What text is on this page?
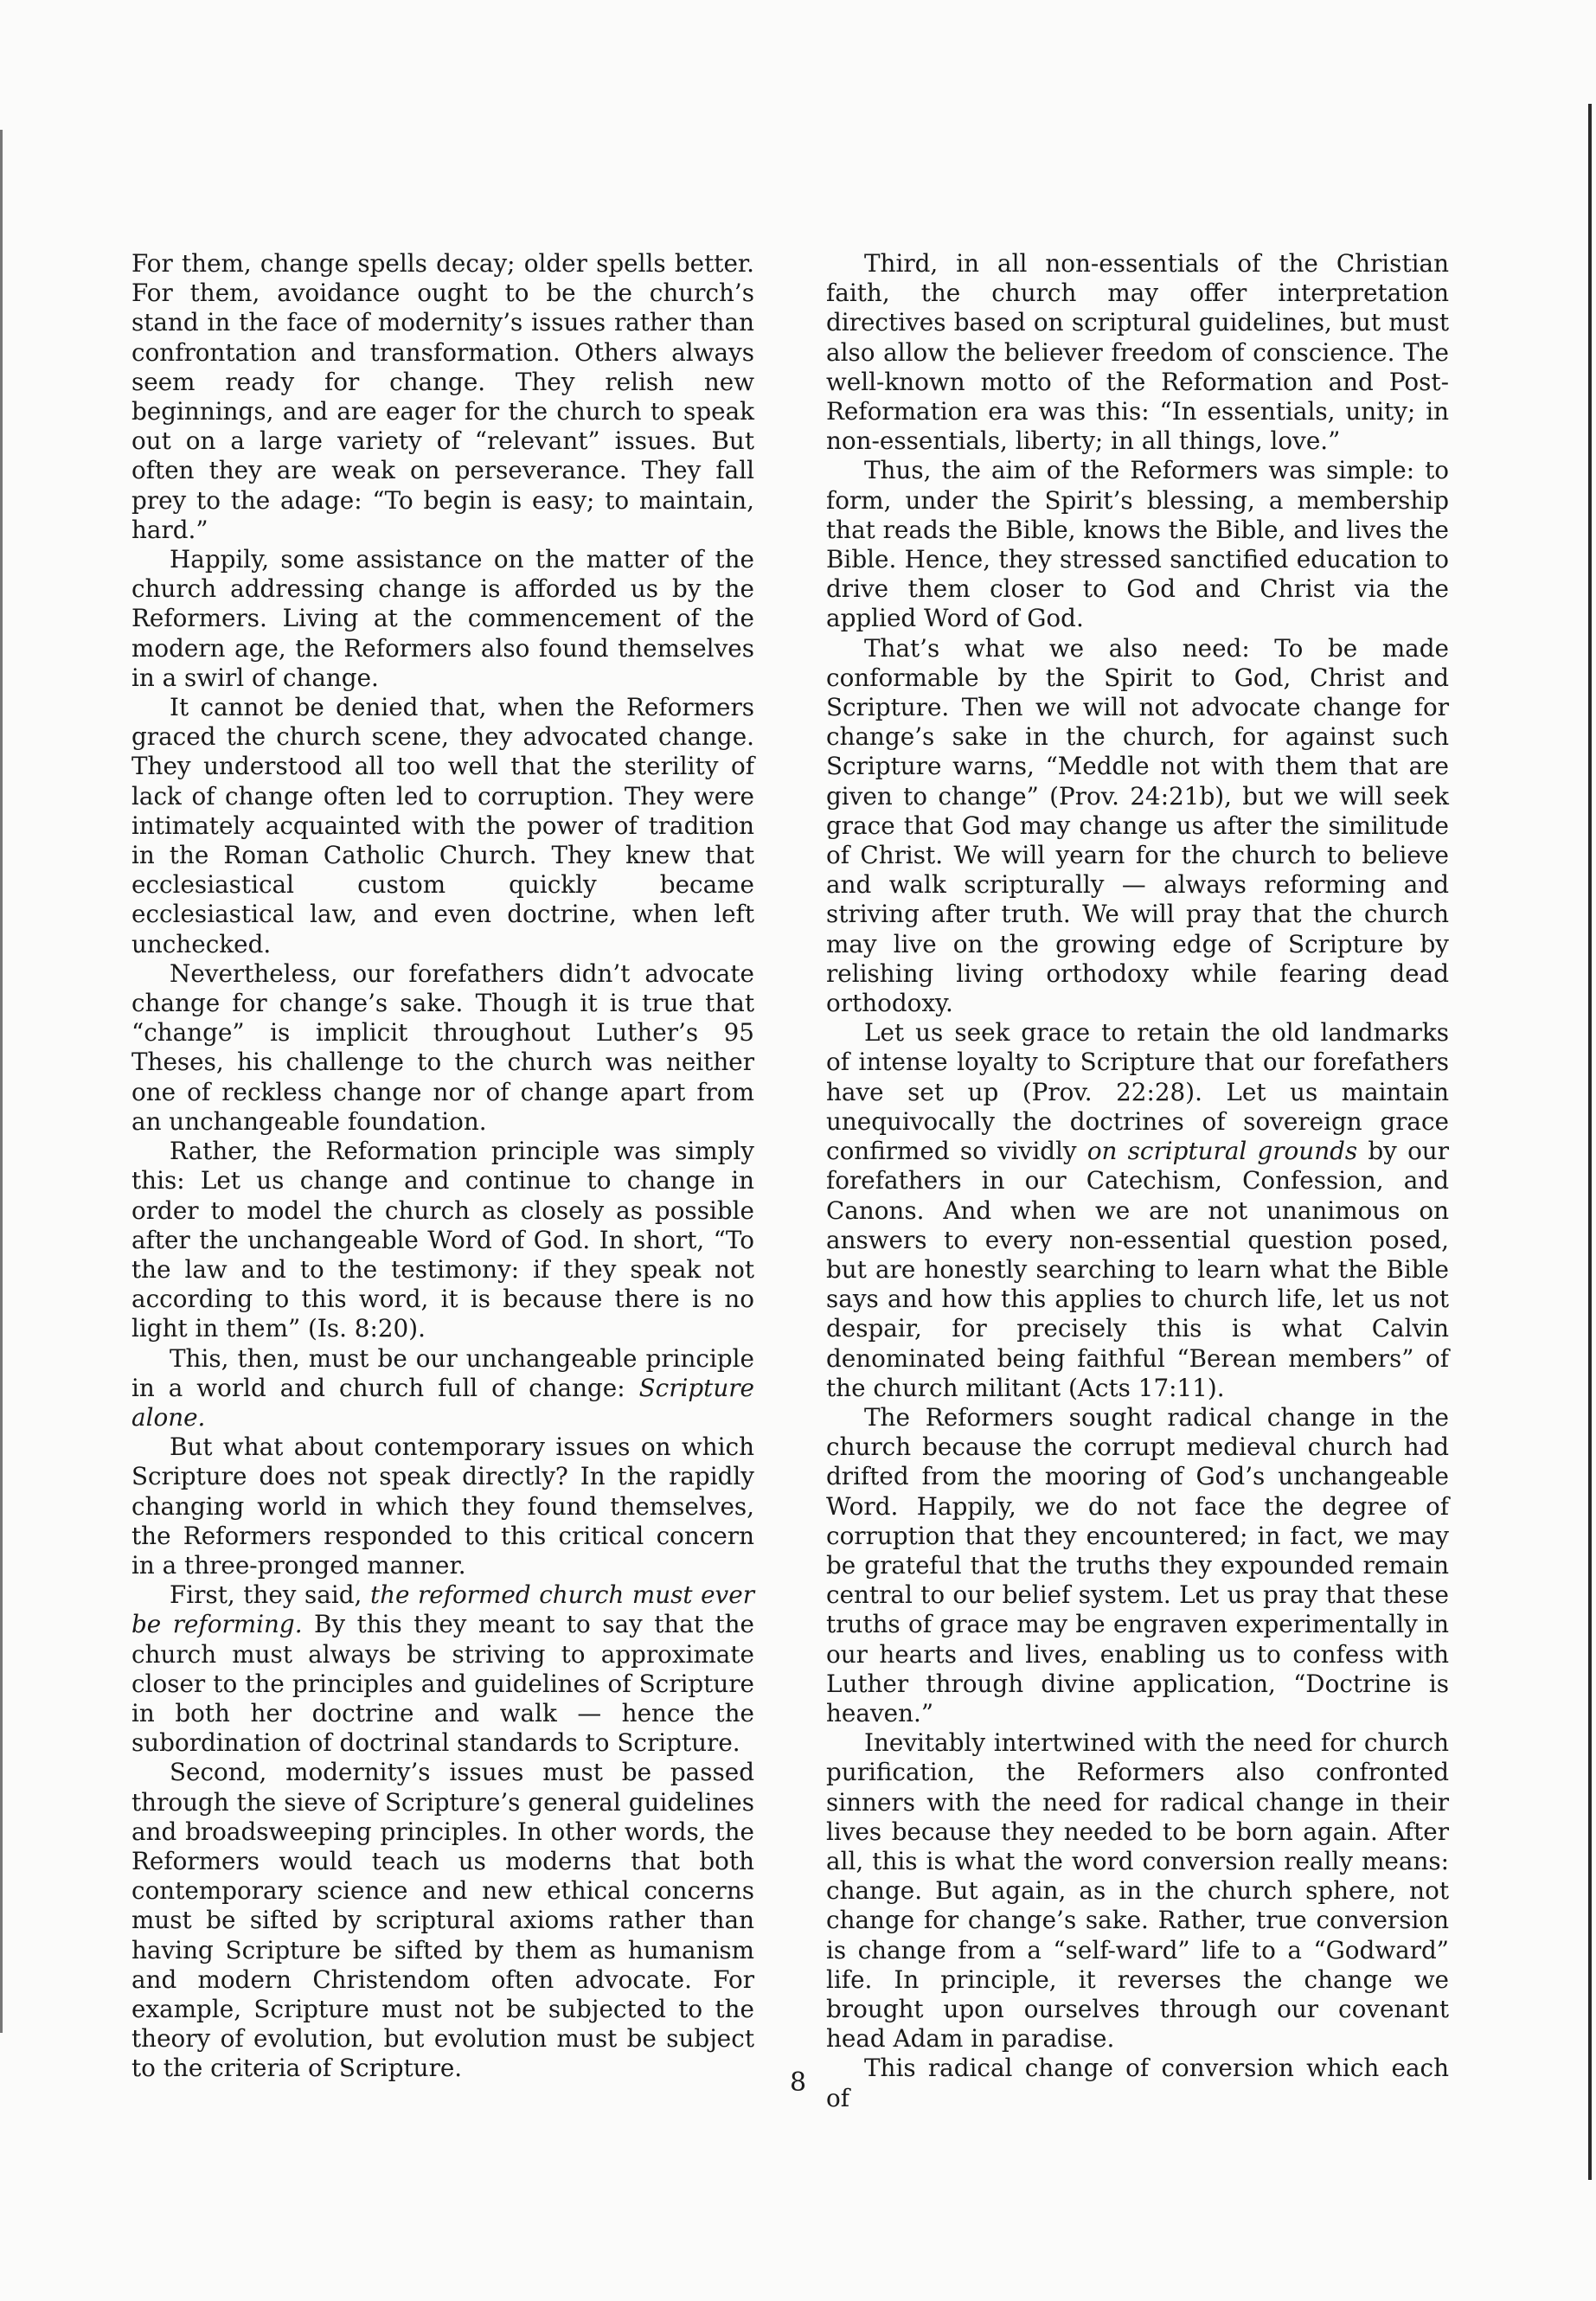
For them, change spells decay; older spells better. For them, avoidance ought to be the church’s stand in the face of modernity’s issues rather than confrontation and transformation. Others always seem ready for change. They relish new beginnings, and are eager for the church to speak out on a large variety of “relevant” issues. But often they are weak on perseverance. They fall prey to the adage: “To begin is easy; to maintain, hard.”

Happily, some assistance on the matter of the church addressing change is afforded us by the Reformers. Living at the commencement of the modern age, the Reformers also found themselves in a swirl of change.

It cannot be denied that, when the Reformers graced the church scene, they advocated change. They understood all too well that the sterility of lack of change often led to corruption. They were intimately acquainted with the power of tradition in the Roman Catholic Church. They knew that ecclesiastical custom quickly became ecclesiastical law, and even doctrine, when left unchecked.

Nevertheless, our forefathers didn’t advocate change for change’s sake. Though it is true that “change” is implicit throughout Luther’s 95 Theses, his challenge to the church was neither one of reckless change nor of change apart from an unchangeable foundation.

Rather, the Reformation principle was simply this: Let us change and continue to change in order to model the church as closely as possible after the unchangeable Word of God. In short, “To the law and to the testimony: if they speak not according to this word, it is because there is no light in them” (Is. 8:20).

This, then, must be our unchangeable principle in a world and church full of change: Scripture alone.

But what about contemporary issues on which Scripture does not speak directly? In the rapidly changing world in which they found themselves, the Reformers responded to this critical concern in a three-pronged manner.

First, they said, the reformed church must ever be reforming. By this they meant to say that the church must always be striving to approximate closer to the principles and guidelines of Scripture in both her doctrine and walk — hence the subordination of doctrinal standards to Scripture.

Second, modernity’s issues must be passed through the sieve of Scripture’s general guidelines and broadsweeping principles. In other words, the Reformers would teach us moderns that both contemporary science and new ethical concerns must be sifted by scriptural axioms rather than having Scripture be sifted by them as humanism and modern Christendom often advocate. For example, Scripture must not be subjected to the theory of evolution, but evolution must be subject to the criteria of Scripture.

Third, in all non-essentials of the Christian faith, the church may offer interpretation directives based on scriptural guidelines, but must also allow the believer freedom of conscience. The well-known motto of the Reformation and Post-Reformation era was this: “In essentials, unity; in non-essentials, liberty; in all things, love.”

Thus, the aim of the Reformers was simple: to form, under the Spirit’s blessing, a membership that reads the Bible, knows the Bible, and lives the Bible. Hence, they stressed sanctified education to drive them closer to God and Christ via the applied Word of God.

That’s what we also need: To be made conformable by the Spirit to God, Christ and Scripture. Then we will not advocate change for change’s sake in the church, for against such Scripture warns, “Meddle not with them that are given to change” (Prov. 24:21b), but we will seek grace that God may change us after the similitude of Christ. We will yearn for the church to believe and walk scripturally — always reforming and striving after truth. We will pray that the church may live on the growing edge of Scripture by relishing living orthodoxy while fearing dead orthodoxy.

Let us seek grace to retain the old landmarks of intense loyalty to Scripture that our forefathers have set up (Prov. 22:28). Let us maintain unequivocally the doctrines of sovereign grace confirmed so vividly on scriptural grounds by our forefathers in our Catechism, Confession, and Canons. And when we are not unanimous on answers to every non-essential question posed, but are honestly searching to learn what the Bible says and how this applies to church life, let us not despair, for precisely this is what Calvin denominated being faithful “Berean members” of the church militant (Acts 17:11).

The Reformers sought radical change in the church because the corrupt medieval church had drifted from the mooring of God’s unchangeable Word. Happily, we do not face the degree of corruption that they encountered; in fact, we may be grateful that the truths they expounded remain central to our belief system. Let us pray that these truths of grace may be engraven experimentally in our hearts and lives, enabling us to confess with Luther through divine application, “Doctrine is heaven.”

Inevitably intertwined with the need for church purification, the Reformers also confronted sinners with the need for radical change in their lives because they needed to be born again. After all, this is what the word conversion really means: change. But again, as in the church sphere, not change for change’s sake. Rather, true conversion is change from a “self-ward” life to a “Godward” life. In principle, it reverses the change we brought upon ourselves through our covenant head Adam in paradise.

This radical change of conversion which each of

8
